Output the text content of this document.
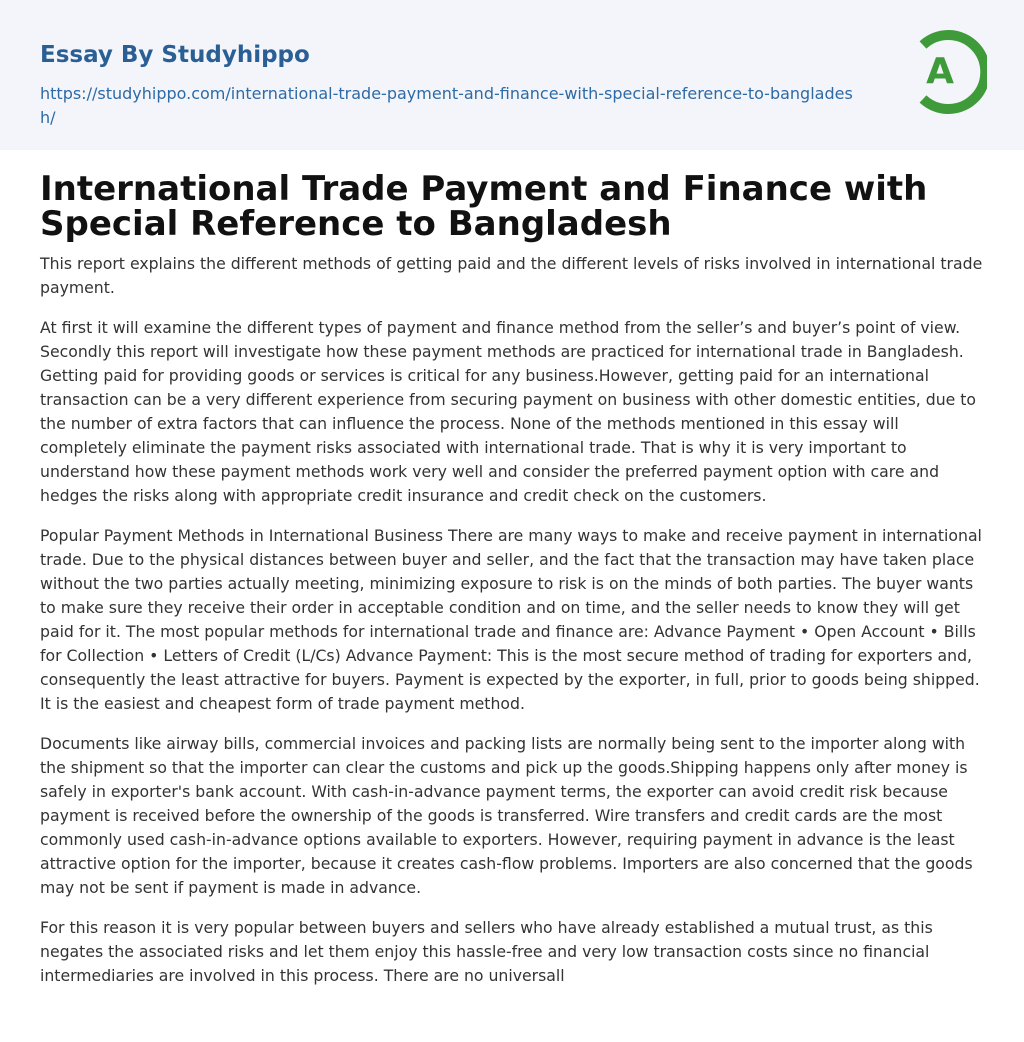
Essay By Studyhippo
https://studyhippo.com/international-trade-payment-and-finance-with-special-reference-to-bangladesh/
A
International Trade Payment and Finance with Special Reference to Bangladesh

This report explains the different methods of getting paid and the different levels of risks involved in international trade payment.

At first it will examine the different types of payment and finance method from the seller’s and buyer’s point of view. Secondly this report will investigate how these payment methods are practiced for international trade in Bangladesh. Getting paid for providing goods or services is critical for any business.However, getting paid for an international transaction can be a very different experience from securing payment on business with other domestic entities, due to the number of extra factors that can influence the process. None of the methods mentioned in this essay will completely eliminate the payment risks associated with international trade. That is why it is very important to understand how these payment methods work very well and consider the preferred payment option with care and hedges the risks along with appropriate credit insurance and credit check on the customers.

Popular Payment Methods in International Business There are many ways to make and receive payment in international trade. Due to the physical distances between buyer and seller, and the fact that the transaction may have taken place without the two parties actually meeting, minimizing exposure to risk is on the minds of both parties. The buyer wants to make sure they receive their order in acceptable condition and on time, and the seller needs to know they will get paid for it. The most popular methods for international trade and finance are: Advance Payment • Open Account • Bills for Collection • Letters of Credit (L/Cs) Advance Payment: This is the most secure method of trading for exporters and, consequently the least attractive for buyers. Payment is expected by the exporter, in full, prior to goods being shipped. It is the easiest and cheapest form of trade payment method.

Documents like airway bills, commercial invoices and packing lists are normally being sent to the importer along with the shipment so that the importer can clear the customs and pick up the goods.Shipping happens only after money is safely in exporter's bank account. With cash-in-advance payment terms, the exporter can avoid credit risk because payment is received before the ownership of the goods is transferred. Wire transfers and credit cards are the most commonly used cash-in-advance options available to exporters. However, requiring payment in advance is the least attractive option for the importer, because it creates cash-flow problems. Importers are also concerned that the goods may not be sent if payment is made in advance.

For this reason it is very popular between buyers and sellers who have already established a mutual trust, as this negates the associated risks and let them enjoy this hassle-free and very low transaction costs since no financial intermediaries are involved in this process. There are no universall
